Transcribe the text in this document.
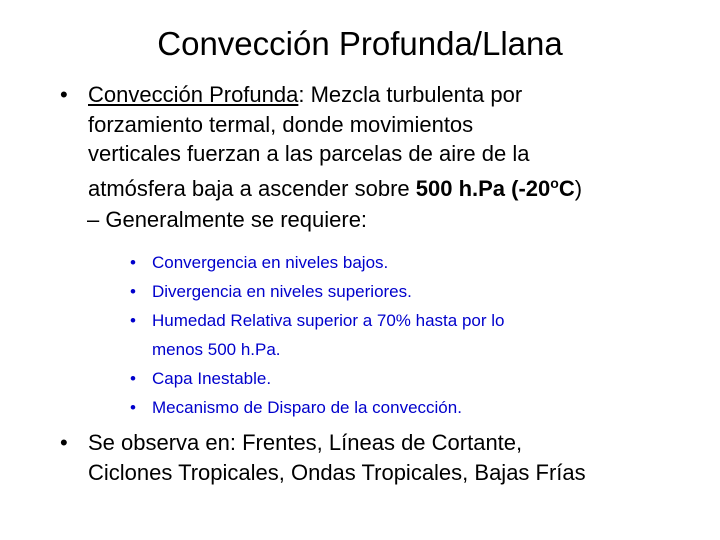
Convección Profunda/Llana
• Convección Profunda: Mezcla turbulenta por
forzamiento termal, donde movimientos
verticales fuerzan a las parcelas de aire de la
atmósfera baja a ascender sobre 500 h.Pa (-20$^o$C)
– Generalmente se requiere:
• Convergencia en niveles bajos.
• Divergencia en niveles superiores.
• Humedad Relativa superior a 70% hasta por lo
menos 500 h.Pa.
• Capa Inestable.
• Mecanismo de Disparo de la convección.
• Se observa en: Frentes, Líneas de Cortante,
Ciclones Tropicales, Ondas Tropicales, Bajas Frías
